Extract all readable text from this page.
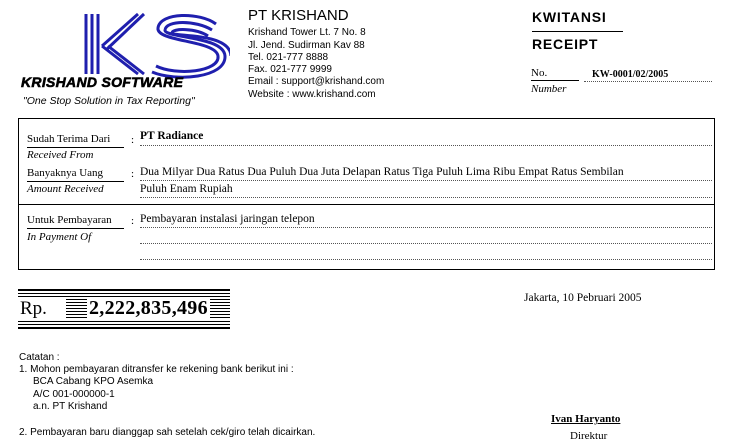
KRISHAND SOFTWARE
"One Stop Solution in Tax Reporting"
PT KRISHAND
Krishand Tower Lt. 7 No. 8
Jl. Jend. Sudirman Kav 88
Tel. 021-777 8888
Fax. 021-777 9999
Email : support@krishand.com
Website : www.krishand.com
KWITANSI
RECEIPT
No.	KW-0001/02/2005
Number
Sudah Terima Dari
Received From
: PT Radiance
Banyaknya Uang
Amount Received
: Dua Milyar Dua Ratus Dua Puluh Dua Juta Delapan Ratus Tiga Puluh Lima Ribu Empat Ratus Sembilan
Puluh Enam Rupiah
Untuk Pembayaran
In Payment Of
: Pembayaran instalasi jaringan telepon
Rp.	2,222,835,496	Jakarta, 10 Pebruari 2005
Catatan :
1. Mohon pembayaran ditransfer ke rekening bank berikut ini :
BCA Cabang KPO Asemka
A/C 001-000000-1
a.n. PT Krishand
2. Pembayaran baru dianggap sah setelah cek/giro telah dicairkan.
Ivan Haryanto
Direktur
